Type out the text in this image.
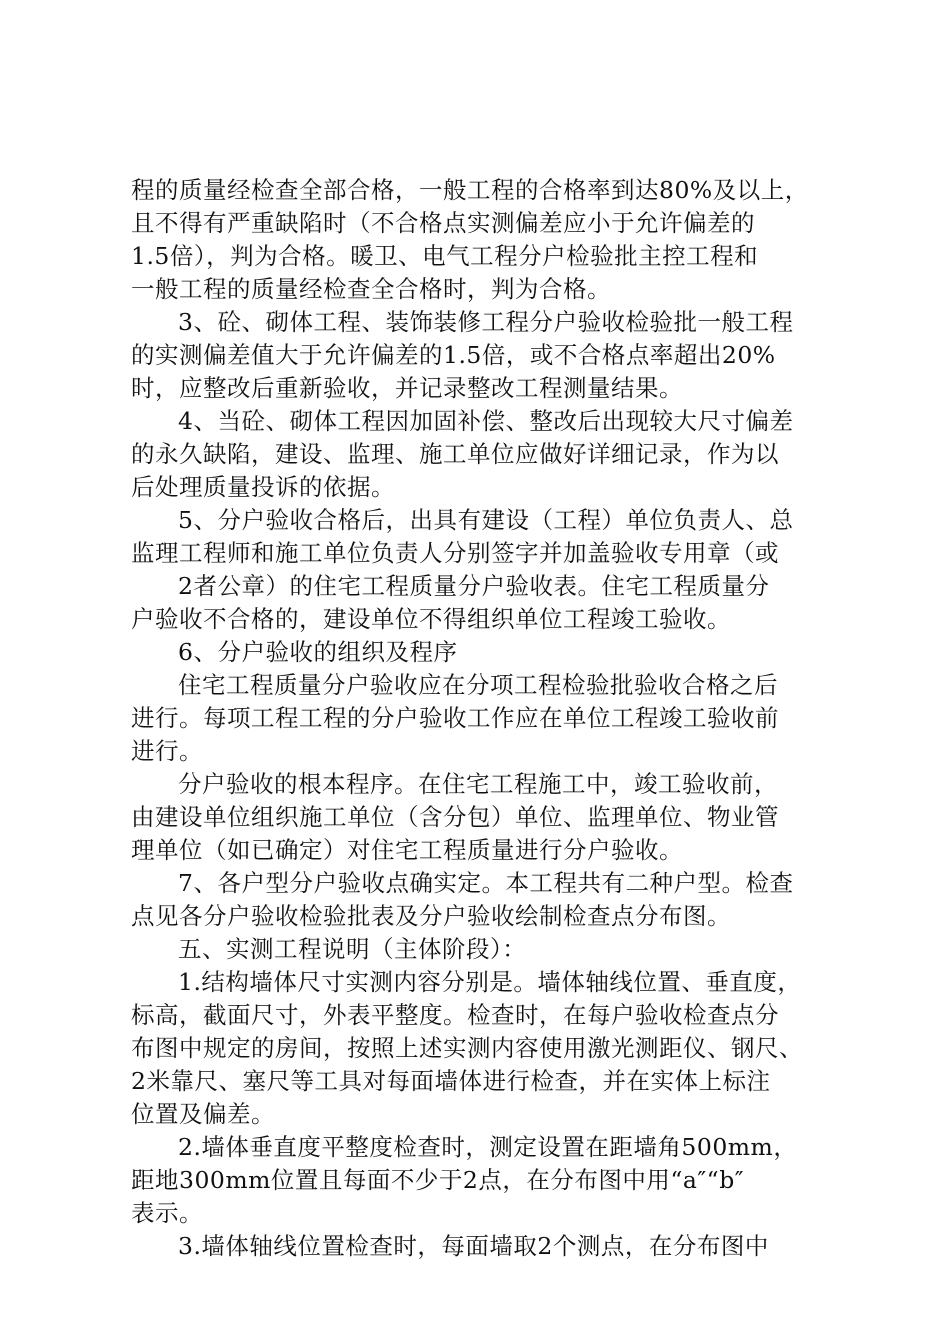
程的质量经检查全部合格，一般工程的合格率到达80%及以上，
且不得有严重缺陷时（不合格点实测偏差应小于允许偏差的
1.5倍），判为合格。暖卫、电气工程分户检验批主控工程和
一般工程的质量经检查全合格时，判为合格。
3、砼、砌体工程、装饰装修工程分户验收检验批一般工程
的实测偏差值大于允许偏差的1.5倍，或不合格点率超出20%
时，应整改后重新验收，并记录整改工程测量结果。
4、当砼、砌体工程因加固补偿、整改后出现较大尺寸偏差
的永久缺陷，建设、监理、施工单位应做好详细记录，作为以
后处理质量投诉的依据。
5、分户验收合格后，出具有建设（工程）单位负责人、总
监理工程师和施工单位负责人分别签字并加盖验收专用章（或
2者公章）的住宅工程质量分户验收表。住宅工程质量分
户验收不合格的，建设单位不得组织单位工程竣工验收。
6、分户验收的组织及程序
住宅工程质量分户验收应在分项工程检验批验收合格之后
进行。每项工程工程的分户验收工作应在单位工程竣工验收前
进行。
分户验收的根本程序。在住宅工程施工中，竣工验收前，
由建设单位组织施工单位（含分包）单位、监理单位、物业管
理单位（如已确定）对住宅工程质量进行分户验收。
7、各户型分户验收点确实定。本工程共有二种户型。检查
点见各分户验收检验批表及分户验收绘制检查点分布图。
五、实测工程说明（主体阶段）：
1.结构墙体尺寸实测内容分别是。墙体轴线位置、垂直度，
标高，截面尺寸，外表平整度。检查时，在每户验收检查点分
布图中规定的房间，按照上述实测内容使用激光测距仪、钢尺、
2米靠尺、塞尺等工具对每面墙体进行检查，并在实体上标注
位置及偏差。
2.墙体垂直度平整度检查时，测定设置在距墙角500mm，
距地300mm位置且每面不少于2点，在分布图中用“a″“b″
表示。
3.墙体轴线位置检查时，每面墙取2个测点，在分布图中
